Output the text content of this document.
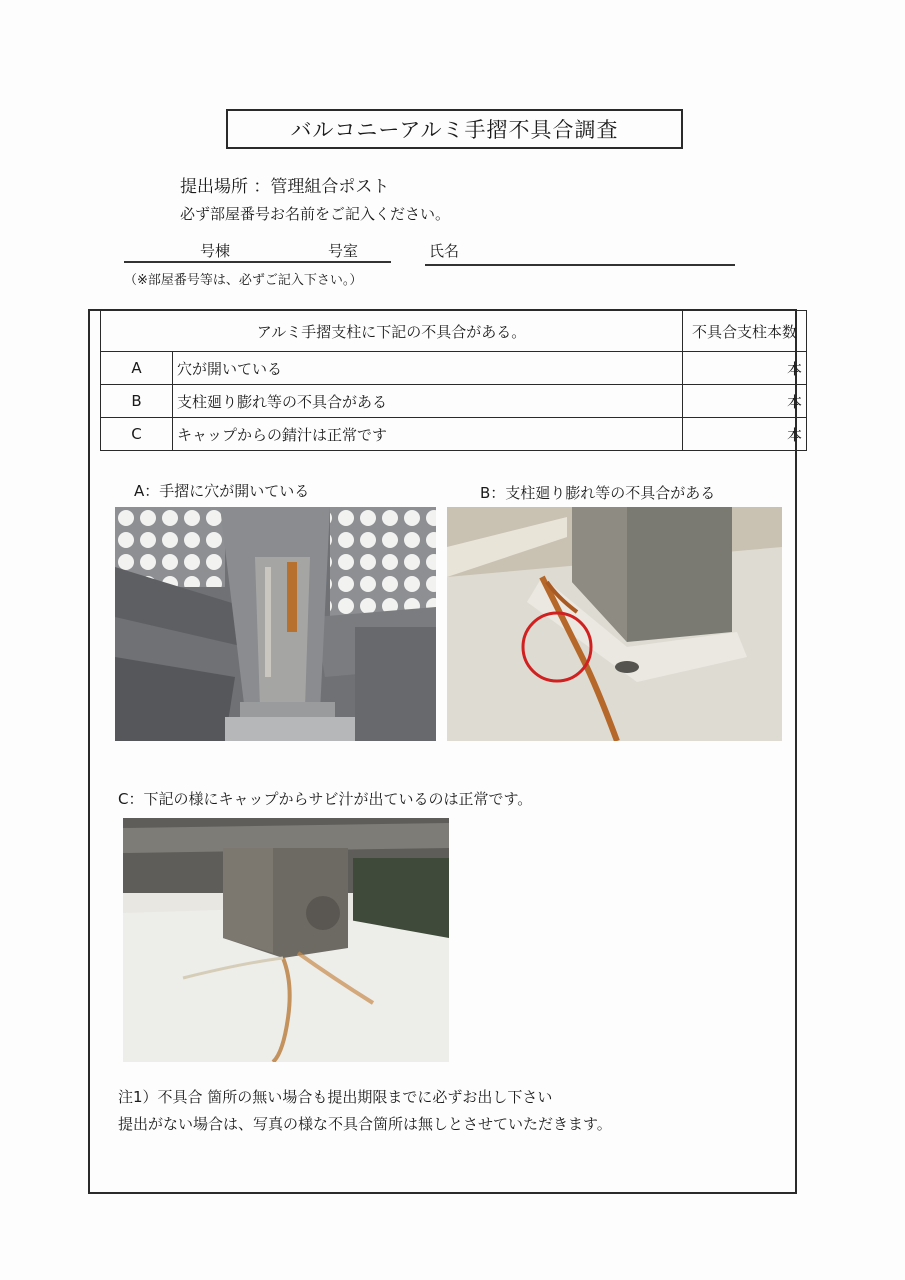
バルコニーアルミ手摺不具合調査
提出場所 ：管理組合ポスト
必ず部屋番号お名前をご記入ください。
号棟	号室	氏名
（※部屋番号等は、必ずご記入下さい。）
アルミ手摺支柱に下記の不具合がある。		不具合支柱本数
A	穴が開いている	本
B	支柱廻り膨れ等の不具合がある	本
C	キャップからの錆汁は正常です	本
A：手摺に穴が開いている	B：支柱廻り膨れ等の不具合がある
C：下記の様にキャップからサビ汁が出ているのは正常です。
注1）不具合 箇所の無い場合も提出期限までに必ずお出し下さい
提出がない場合は、写真の様な不具合箇所は無しとさせていただきます。
